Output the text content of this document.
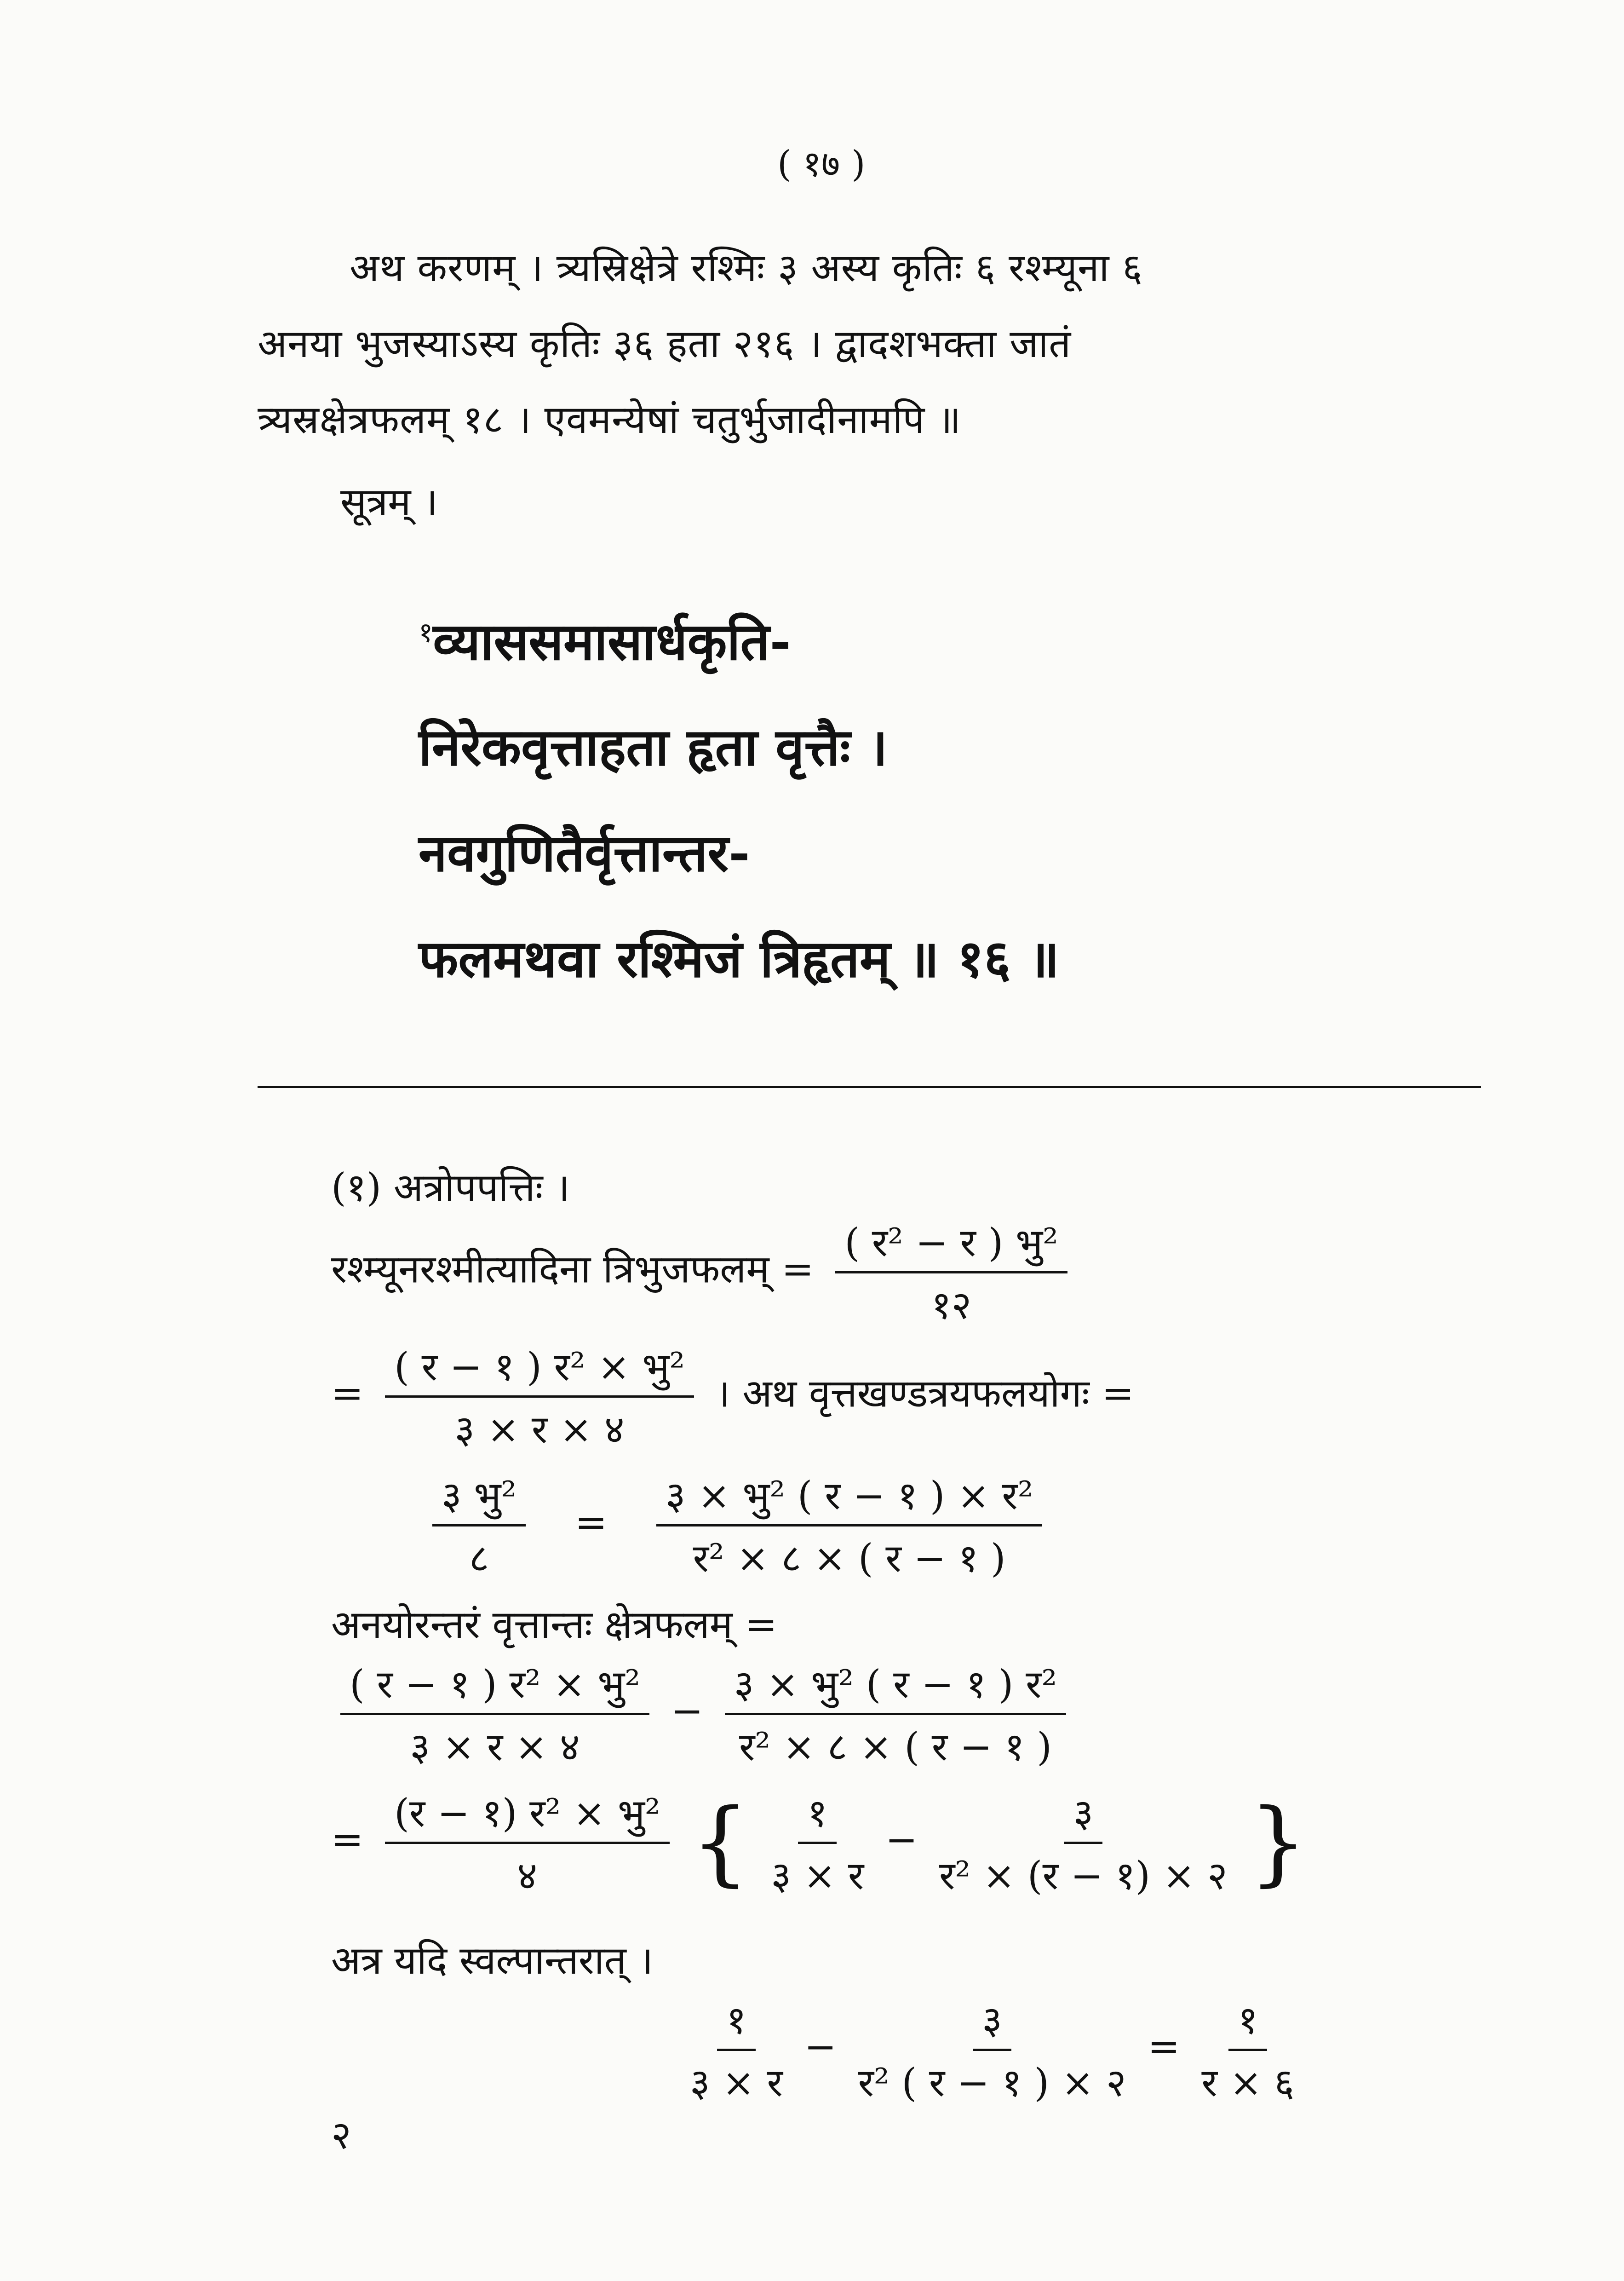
( १७ )
अथ करणम् । त्र्यस्रिक्षेत्रे रश्मिः ३ अस्य कृतिः ६ रश्म्यूना ६
अनया भुजस्याऽस्य कृतिः ३६ हता २१६ । द्वादशभक्ता जातं
त्र्यस्रक्षेत्रफलम् १८ । एवमन्येषां चतुर्भुजादीनामपि ॥
सूत्रम् ।
$^१$व्याससमासार्धकृति-
निरेकवृत्ताहता हृता वृत्तैः ।
नवगुणितैर्वृत्तान्तर-
फलमथवा रश्मिजं त्रिहृतम् ॥ १६ ॥
(१) अत्रोपपत्तिः ।
रश्म्यूनरश्मीत्यादिना त्रिभुजफलम् = $\frac{\text{( र² − र ) भु²}}{१२}$
= $\frac{\text{( र − १ ) र² × भु²}}{\text{३ × र × ४}}$ । अथ वृत्तखण्डत्रयफलयोगः =
$\frac{\text{३ भु²}}{८} = \frac{\text{३ × भु² ( र − १ ) × र²}}{\text{र² × ८ × ( र − १ )}}$
अनयोरन्तरं वृत्तान्तः क्षेत्रफलम् =
$\frac{\text{( र − १ ) र² × भु²}}{\text{३ × र × ४}} - \frac{\text{३ × भु² ( र − १ ) र²}}{\text{र² × ८ × ( र − १ )}}$
= $\frac{\text{(र − १) र² × भु²}}{४}$ { $\frac{१}{\text{३ × र}} - \frac{३}{\text{र² × (र − १) × २}}$ }
अत्र यदि स्वल्पान्तरात् ।
$\frac{१}{\text{३ × र}} - \frac{३}{\text{र² ( र − १ ) × २}} = \frac{१}{\text{र × ६}}$
२
